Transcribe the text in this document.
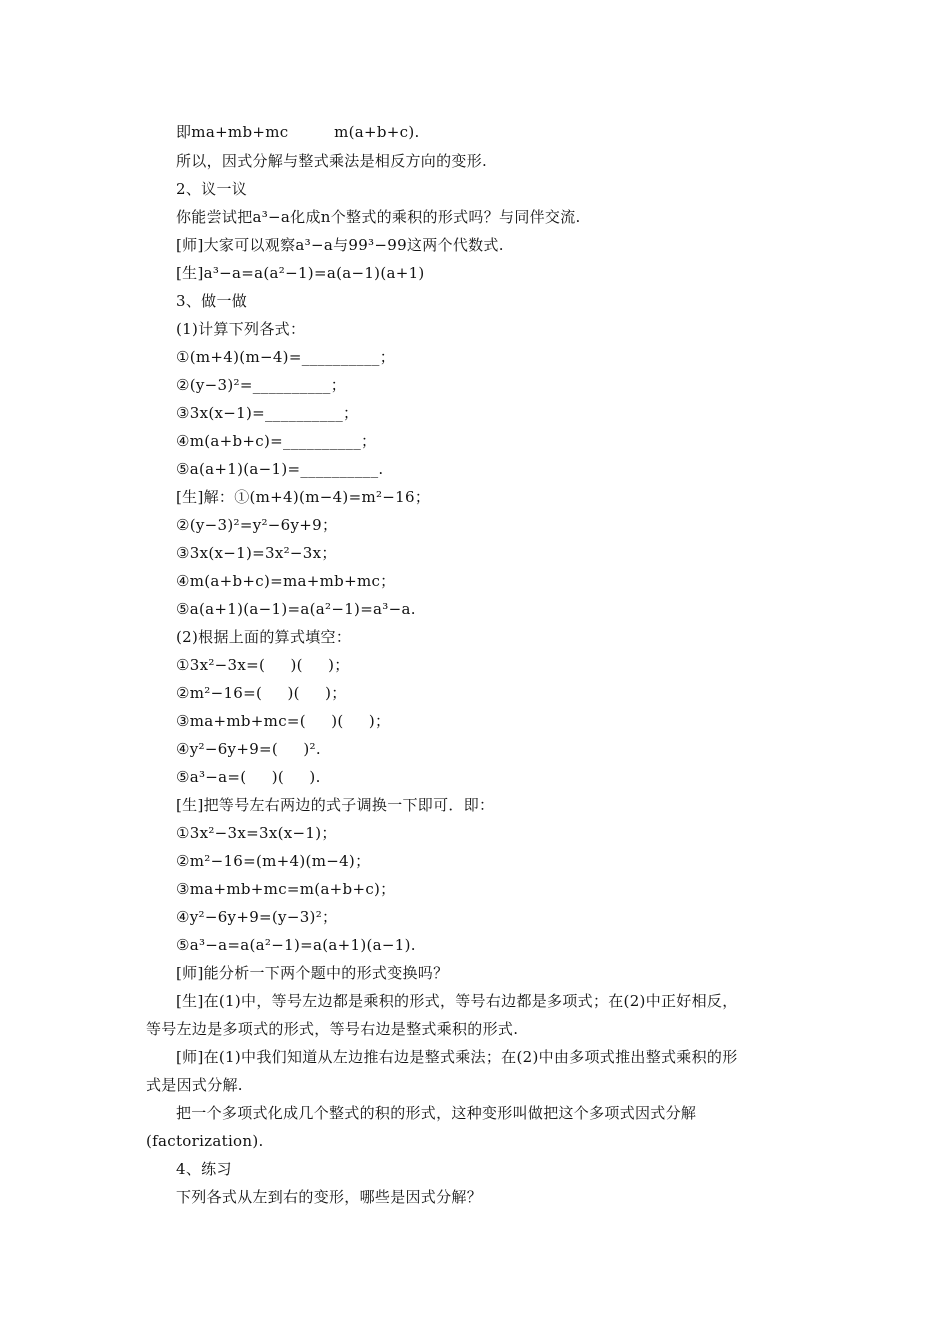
即ma+mb+mc         m(a+b+c).
所以，因式分解与整式乘法是相反方向的变形.
2、议一议
你能尝试把a³−a化成n个整式的乘积的形式吗？与同伴交流.
[师]大家可以观察a³−a与99³−99这两个代数式.
[生]a³−a=a(a²−1)=a(a−1)(a+1)
3、做一做
(1)计算下列各式：
①(m+4)(m−4)=__________；
②(y−3)²=__________；
③3x(x−1)=__________；
④m(a+b+c)=__________；
⑤a(a+1)(a−1)=__________.
[生]解：①(m+4)(m−4)=m²−16；
②(y−3)²=y²−6y+9；
③3x(x−1)=3x²−3x；
④m(a+b+c)=ma+mb+mc；
⑤a(a+1)(a−1)=a(a²−1)=a³−a.
(2)根据上面的算式填空：
①3x²−3x=(     )(     )；
②m²−16=(     )(     )；
③ma+mb+mc=(     )(     )；
④y²−6y+9=(     )².
⑤a³−a=(     )(     ).
[生]把等号左右两边的式子调换一下即可．即：
①3x²−3x=3x(x−1)；
②m²−16=(m+4)(m−4)；
③ma+mb+mc=m(a+b+c)；
④y²−6y+9=(y−3)²；
⑤a³−a=a(a²−1)=a(a+1)(a−1).
[师]能分析一下两个题中的形式变换吗？
[生]在(1)中，等号左边都是乘积的形式，等号右边都是多项式；在(2)中正好相反，
等号左边是多项式的形式，等号右边是整式乘积的形式.
[师]在(1)中我们知道从左边推右边是整式乘法；在(2)中由多项式推出整式乘积的形
式是因式分解.
把一个多项式化成几个整式的积的形式，这种变形叫做把这个多项式因式分解
(factorization).
4、练习
下列各式从左到右的变形，哪些是因式分解？
